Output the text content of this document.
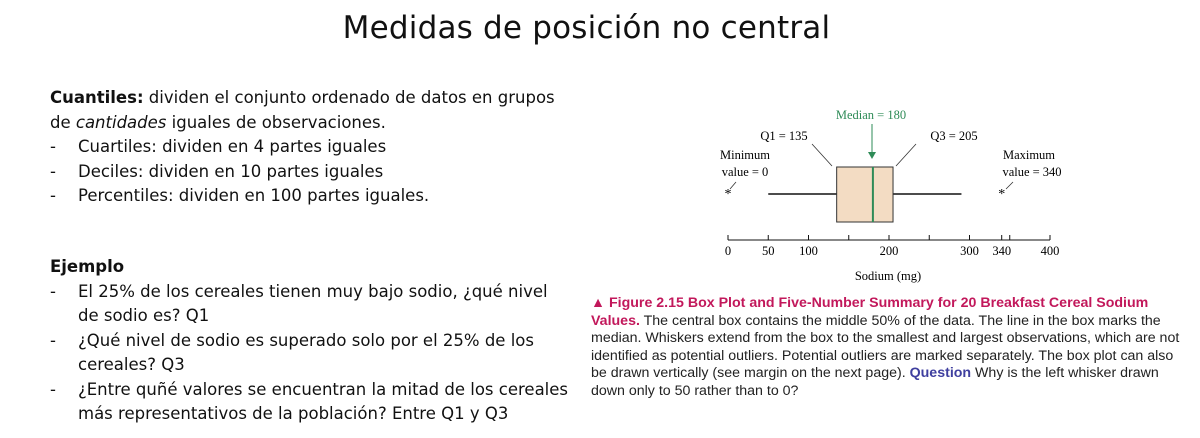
Medidas de posición no central

Cuantiles: dividen el conjunto ordenado de datos en grupos de cantidades iguales de observaciones.

- Cuartiles: dividen en 4 partes iguales
- Deciles: dividen en 10 partes iguales
- Percentiles: dividen en 100 partes iguales.

Ejemplo

- El 25% de los cereales tienen muy bajo sodio, ¿qué nivel de sodio es? Q1
- ¿Qué nivel de sodio es superado solo por el 25% de los cereales? Q3
- ¿Entre quñé valores se encuentran la mitad de los cereales más representativos de la población? Entre Q1 y Q3
Median = 180
Q1 = 135	Q3 = 205
Minimum
value = 0
Maximum
value = 340
*	*
0 50 100	200	300 340 400
Sodium (mg)
▲ Figure 2.15 Box Plot and Five-Number Summary for 20 Breakfast Cereal Sodium Values. The central box contains the middle 50% of the data. The line in the box marks the median. Whiskers extend from the box to the smallest and largest observations, which are not identified as potential outliers. Potential outliers are marked separately. The box plot can also be drawn vertically (see margin on the next page). Question Why is the left whisker drawn down only to 50 rather than to 0?
